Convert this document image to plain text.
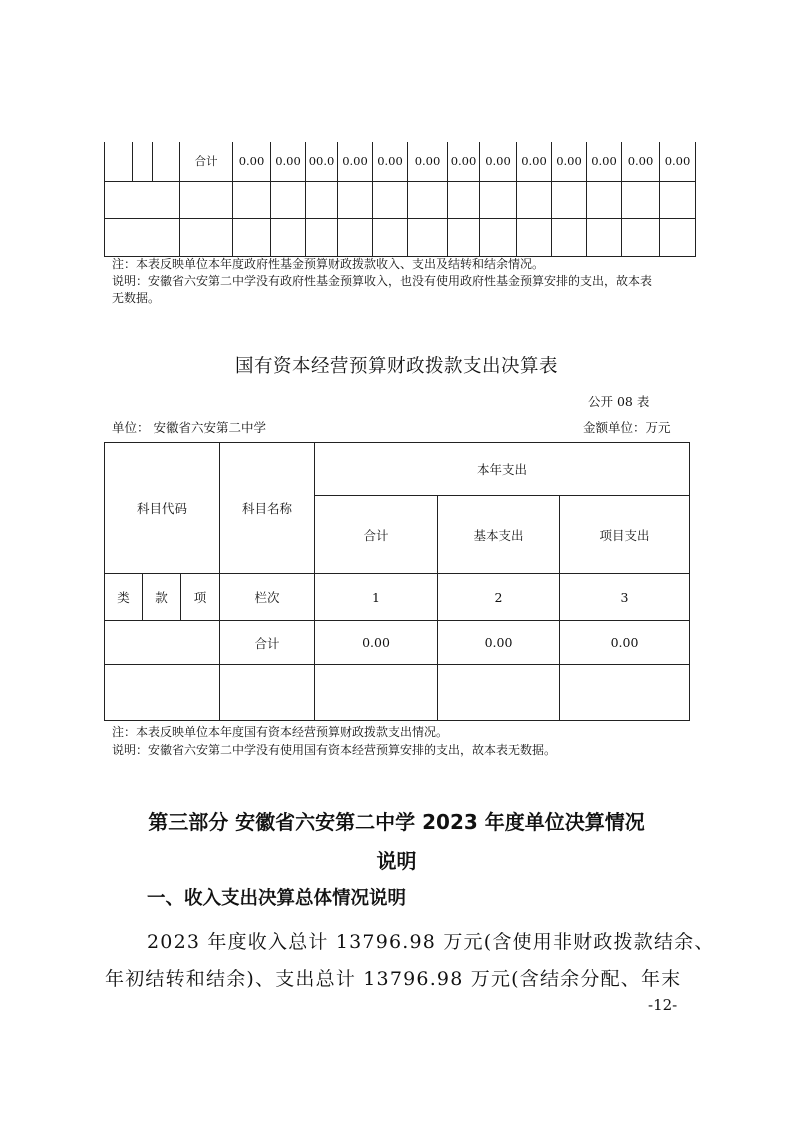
			合计	0.00	0.00	00.0	0.00	0.00	0.00	0.00	0.00	0.00	0.00	0.00	0.00	0.00

注：本表反映单位本年度政府性基金预算财政拨款收入、支出及结转和结余情况。
说明：安徽省六安第二中学没有政府性基金预算收入，也没有使用政府性基金预算安排的支出，故本表
无数据。
国有资本经营预算财政拨款支出决算表
公开 08 表
单位： 安徽省六安第二中学	金额单位：万元
科目代码			科目名称	本年支出		
				合计	基本支出	项目支出
类	款	项	栏次	1	2	3
			合计	0.00	0.00	0.00

注：本表反映单位本年度国有资本经营预算财政拨款支出情况。
说明：安徽省六安第二中学没有使用国有资本经营预算安排的支出，故本表无数据。
第三部分 安徽省六安第二中学 2023 年度单位决算情况
说明
一、收入支出决算总体情况说明
2023 年度收入总计 13796.98 万元(含使用非财政拨款结余、
年初结转和结余)、支出总计 13796.98 万元(含结余分配、年末
-12-
